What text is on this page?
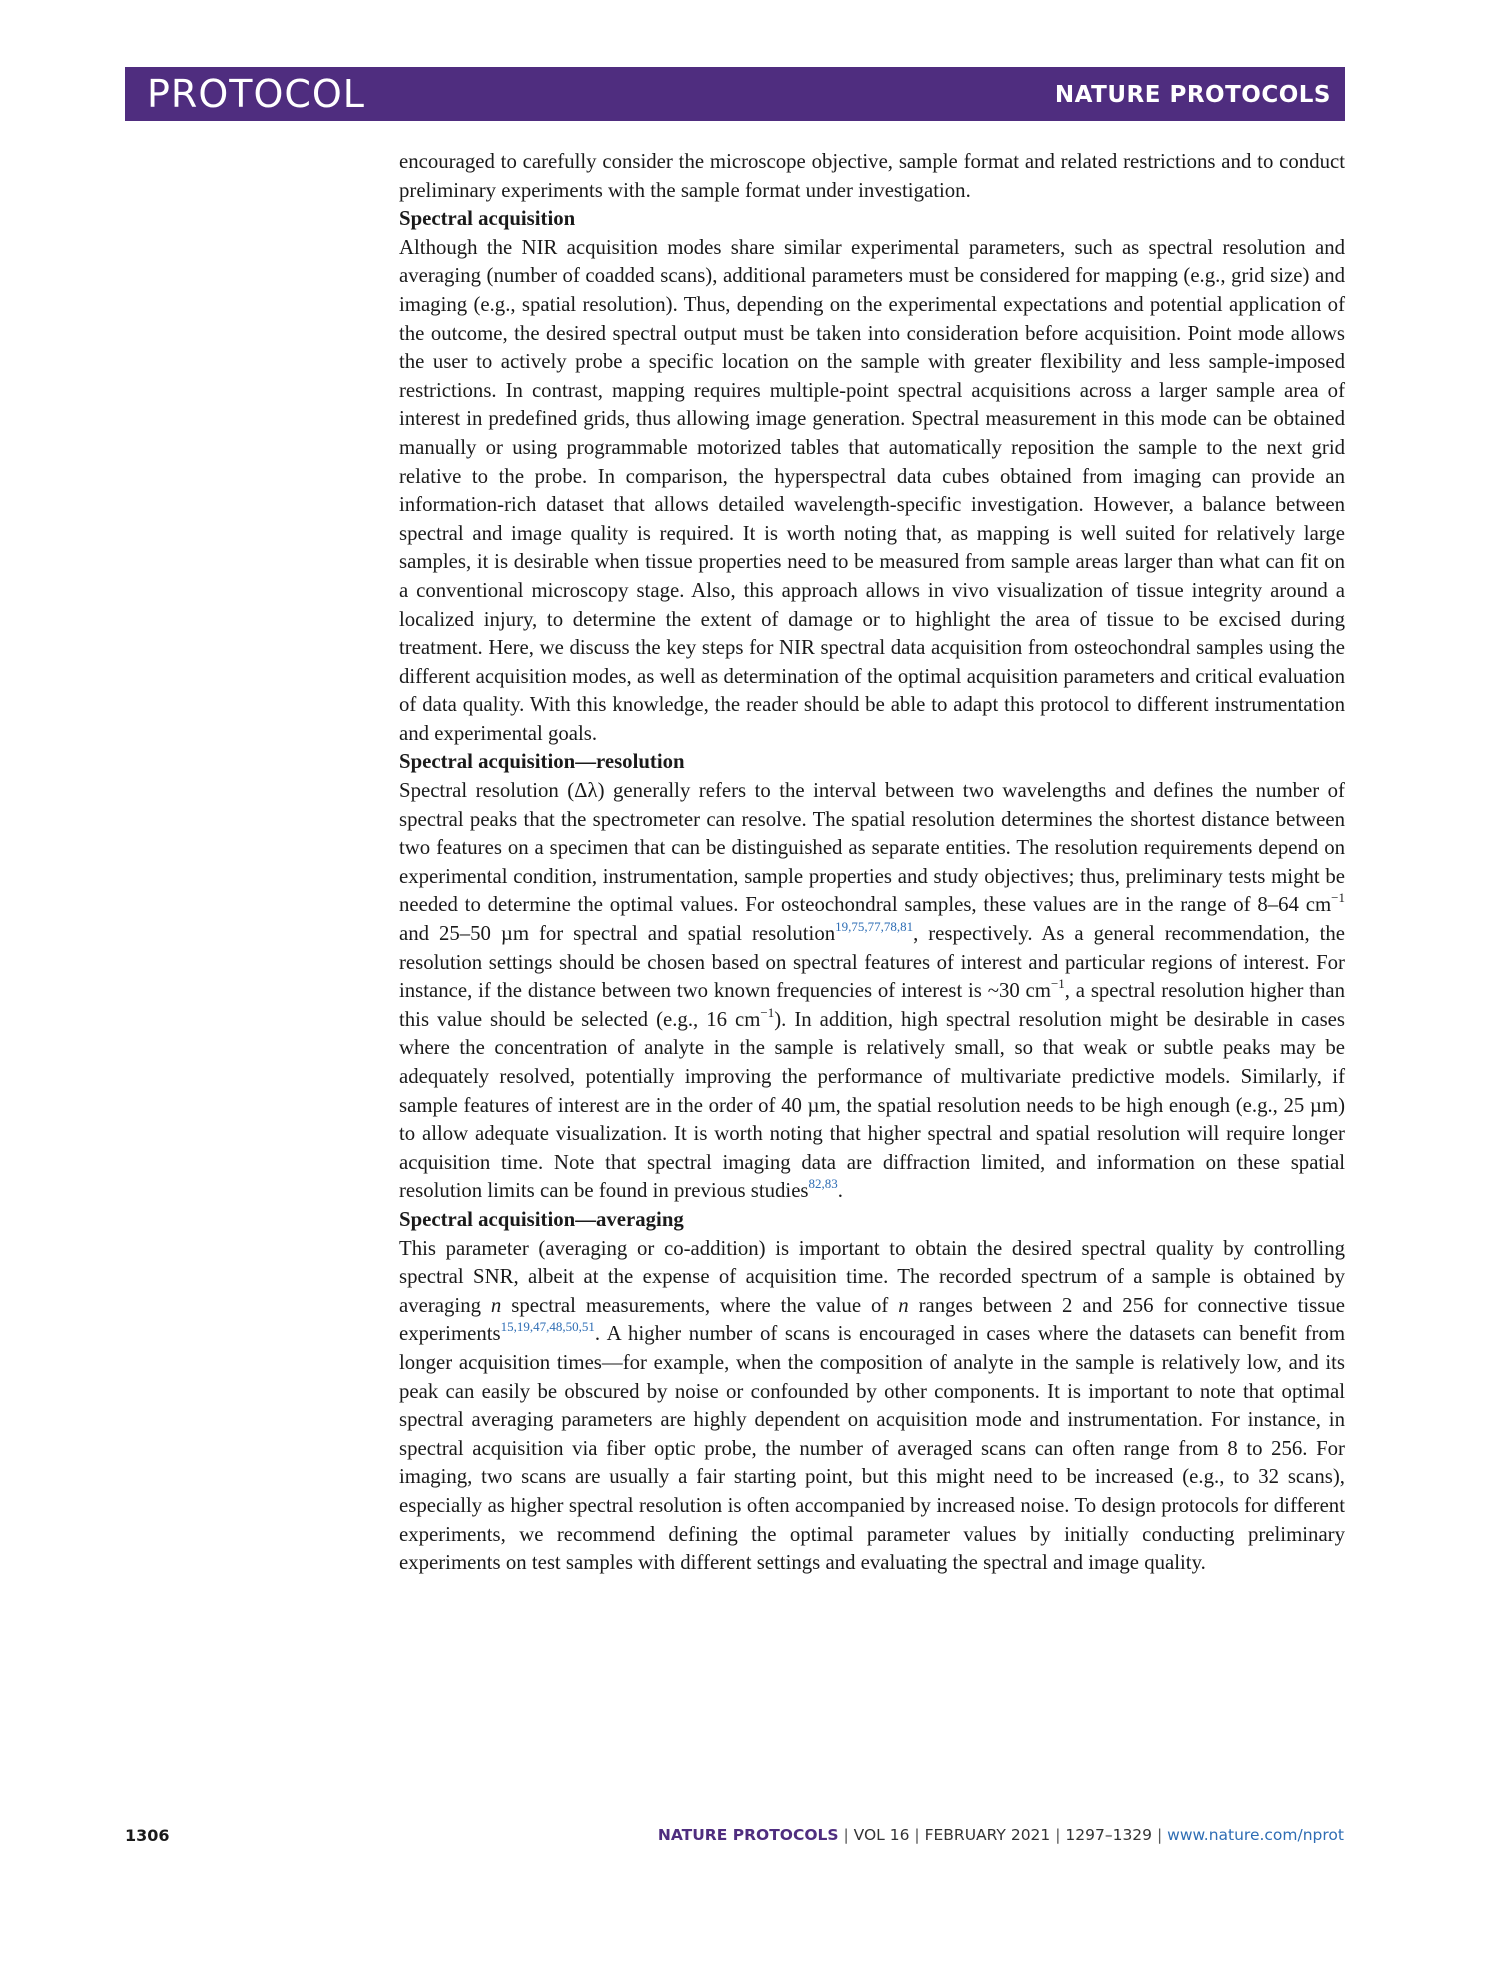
PROTOCOL	NATURE PROTOCOLS

encouraged to carefully consider the microscope objective, sample format and related restrictions and to conduct preliminary experiments with the sample format under investigation.

Spectral acquisition

Although the NIR acquisition modes share similar experimental parameters, such as spectral resolution and averaging (number of coadded scans), additional parameters must be considered for mapping (e.g., grid size) and imaging (e.g., spatial resolution). Thus, depending on the experimental expectations and potential application of the outcome, the desired spectral output must be taken into consideration before acquisition. Point mode allows the user to actively probe a specific location on the sample with greater flexibility and less sample-imposed restrictions. In contrast, mapping requires multiple-point spectral acquisitions across a larger sample area of interest in predefined grids, thus allowing image generation. Spectral measurement in this mode can be obtained manually or using programmable motorized tables that automatically reposition the sample to the next grid relative to the probe. In comparison, the hyperspectral data cubes obtained from imaging can provide an information-rich dataset that allows detailed wavelength-specific investigation. However, a balance between spectral and image quality is required. It is worth noting that, as mapping is well suited for relatively large samples, it is desirable when tissue properties need to be measured from sample areas larger than what can fit on a conventional microscopy stage. Also, this approach allows in vivo visualization of tissue integrity around a localized injury, to determine the extent of damage or to highlight the area of tissue to be excised during treatment. Here, we discuss the key steps for NIR spectral data acquisition from osteochondral samples using the different acquisition modes, as well as determination of the optimal acquisition parameters and critical evaluation of data quality. With this knowledge, the reader should be able to adapt this protocol to different instrumentation and experimental goals.

Spectral acquisition—resolution

Spectral resolution (Δλ) generally refers to the interval between two wavelengths and defines the number of spectral peaks that the spectrometer can resolve. The spatial resolution determines the shortest distance between two features on a specimen that can be distinguished as separate entities. The resolution requirements depend on experimental condition, instrumentation, sample properties and study objectives; thus, preliminary tests might be needed to determine the optimal values. For osteochondral samples, these values are in the range of 8–64 $cm^{-1}$ and 25–50 µm for spectral and spatial resolution$^{19,75,77,78,81}$, respectively. As a general recommendation, the resolution settings should be chosen based on spectral features of interest and particular regions of interest. For instance, if the distance between two known frequencies of interest is ~30 $cm^{-1}$, a spectral resolution higher than this value should be selected (e.g., 16 $cm^{-1}$). In addition, high spectral resolution might be desirable in cases where the concentration of analyte in the sample is relatively small, so that weak or subtle peaks may be adequately resolved, potentially improving the performance of multivariate predictive models. Similarly, if sample features of interest are in the order of 40 µm, the spatial resolution needs to be high enough (e.g., 25 µm) to allow adequate visualization. It is worth noting that higher spectral and spatial resolution will require longer acquisition time. Note that spectral imaging data are diffraction limited, and information on these spatial resolution limits can be found in previous studies$^{82,83}$.

Spectral acquisition—averaging

This parameter (averaging or co-addition) is important to obtain the desired spectral quality by controlling spectral SNR, albeit at the expense of acquisition time. The recorded spectrum of a sample is obtained by averaging n spectral measurements, where the value of n ranges between 2 and 256 for connective tissue experiments$^{15,19,47,48,50,51}$. A higher number of scans is encouraged in cases where the datasets can benefit from longer acquisition times—for example, when the composition of analyte in the sample is relatively low, and its peak can easily be obscured by noise or confounded by other components. It is important to note that optimal spectral averaging parameters are highly dependent on acquisition mode and instrumentation. For instance, in spectral acquisition via fiber optic probe, the number of averaged scans can often range from 8 to 256. For imaging, two scans are usually a fair starting point, but this might need to be increased (e.g., to 32 scans), especially as higher spectral resolution is often accompanied by increased noise. To design protocols for different experiments, we recommend defining the optimal parameter values by initially conducting preliminary experiments on test samples with different settings and evaluating the spectral and image quality.

1306	NATURE PROTOCOLS | VOL 16 | FEBRUARY 2021 | 1297–1329 | www.nature.com/nprot
